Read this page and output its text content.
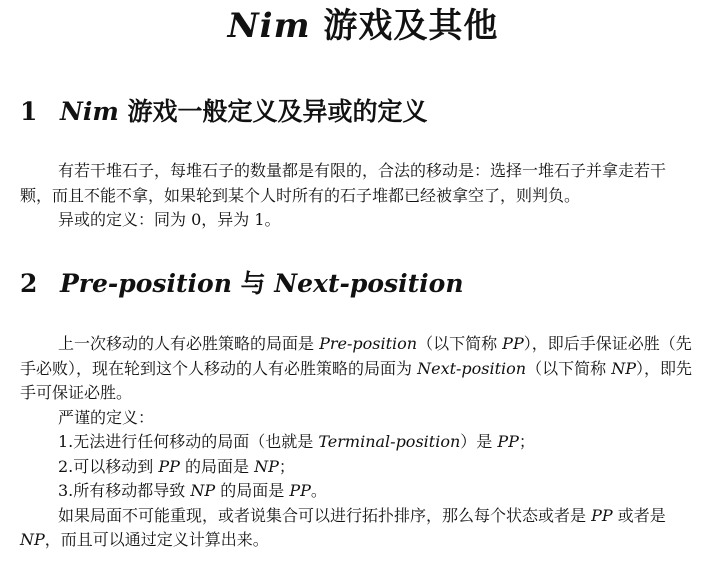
Nim 游戏及其他
1 Nim 游戏一般定义及异或的定义
有若干堆石子，每堆石子的数量都是有限的，合法的移动是：选择一堆石子并拿走若干
颗，而且不能不拿，如果轮到某个人时所有的石子堆都已经被拿空了，则判负。
异或的定义：同为 0，异为 1。
2 Pre-position 与 Next-position
上一次移动的人有必胜策略的局面是 Pre-position（以下简称 PP），即后手保证必胜（先
手必败），现在轮到这个人移动的人有必胜策略的局面为 Next-position（以下简称 NP），即先
手可保证必胜。
严谨的定义：
1.无法进行任何移动的局面（也就是 Terminal-position）是 PP；
2.可以移动到 PP 的局面是 NP；
3.所有移动都导致 NP 的局面是 PP。
如果局面不可能重现，或者说集合可以进行拓扑排序，那么每个状态或者是 PP 或者是
NP，而且可以通过定义计算出来。
